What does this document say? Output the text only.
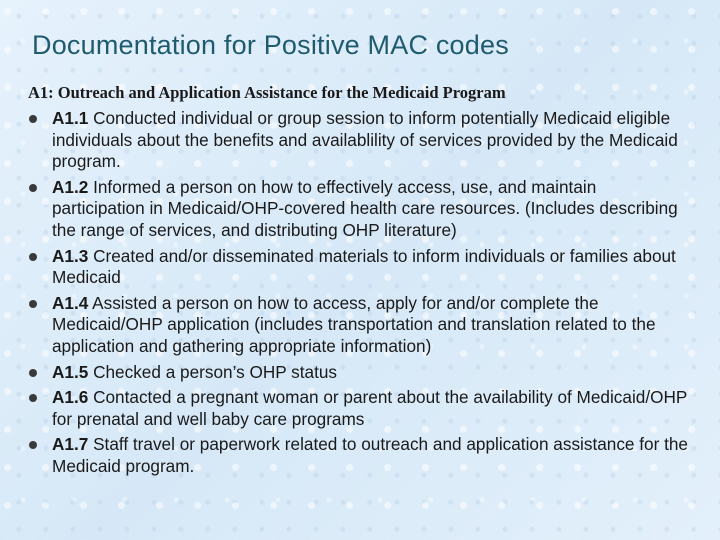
Documentation for Positive MAC codes
A1: Outreach and Application Assistance for the Medicaid Program
A1.1 Conducted individual or group session to inform potentially Medicaid eligible individuals about the benefits and availablility of services provided by the Medicaid program.
A1.2 Informed a person on how to effectively access, use, and maintain participation in Medicaid/OHP-covered health care resources. (Includes describing the range of services, and distributing OHP literature)
A1.3 Created and/or disseminated materials to inform individuals or families about Medicaid
A1.4 Assisted a person on how to access, apply for and/or complete the Medicaid/OHP application (includes transportation and translation related to the application and gathering appropriate information)
A1.5 Checked a person’s OHP status
A1.6 Contacted a pregnant woman or parent about the availability of Medicaid/OHP for prenatal and well baby care programs
A1.7 Staff travel or paperwork related to outreach and application assistance for the Medicaid program.
